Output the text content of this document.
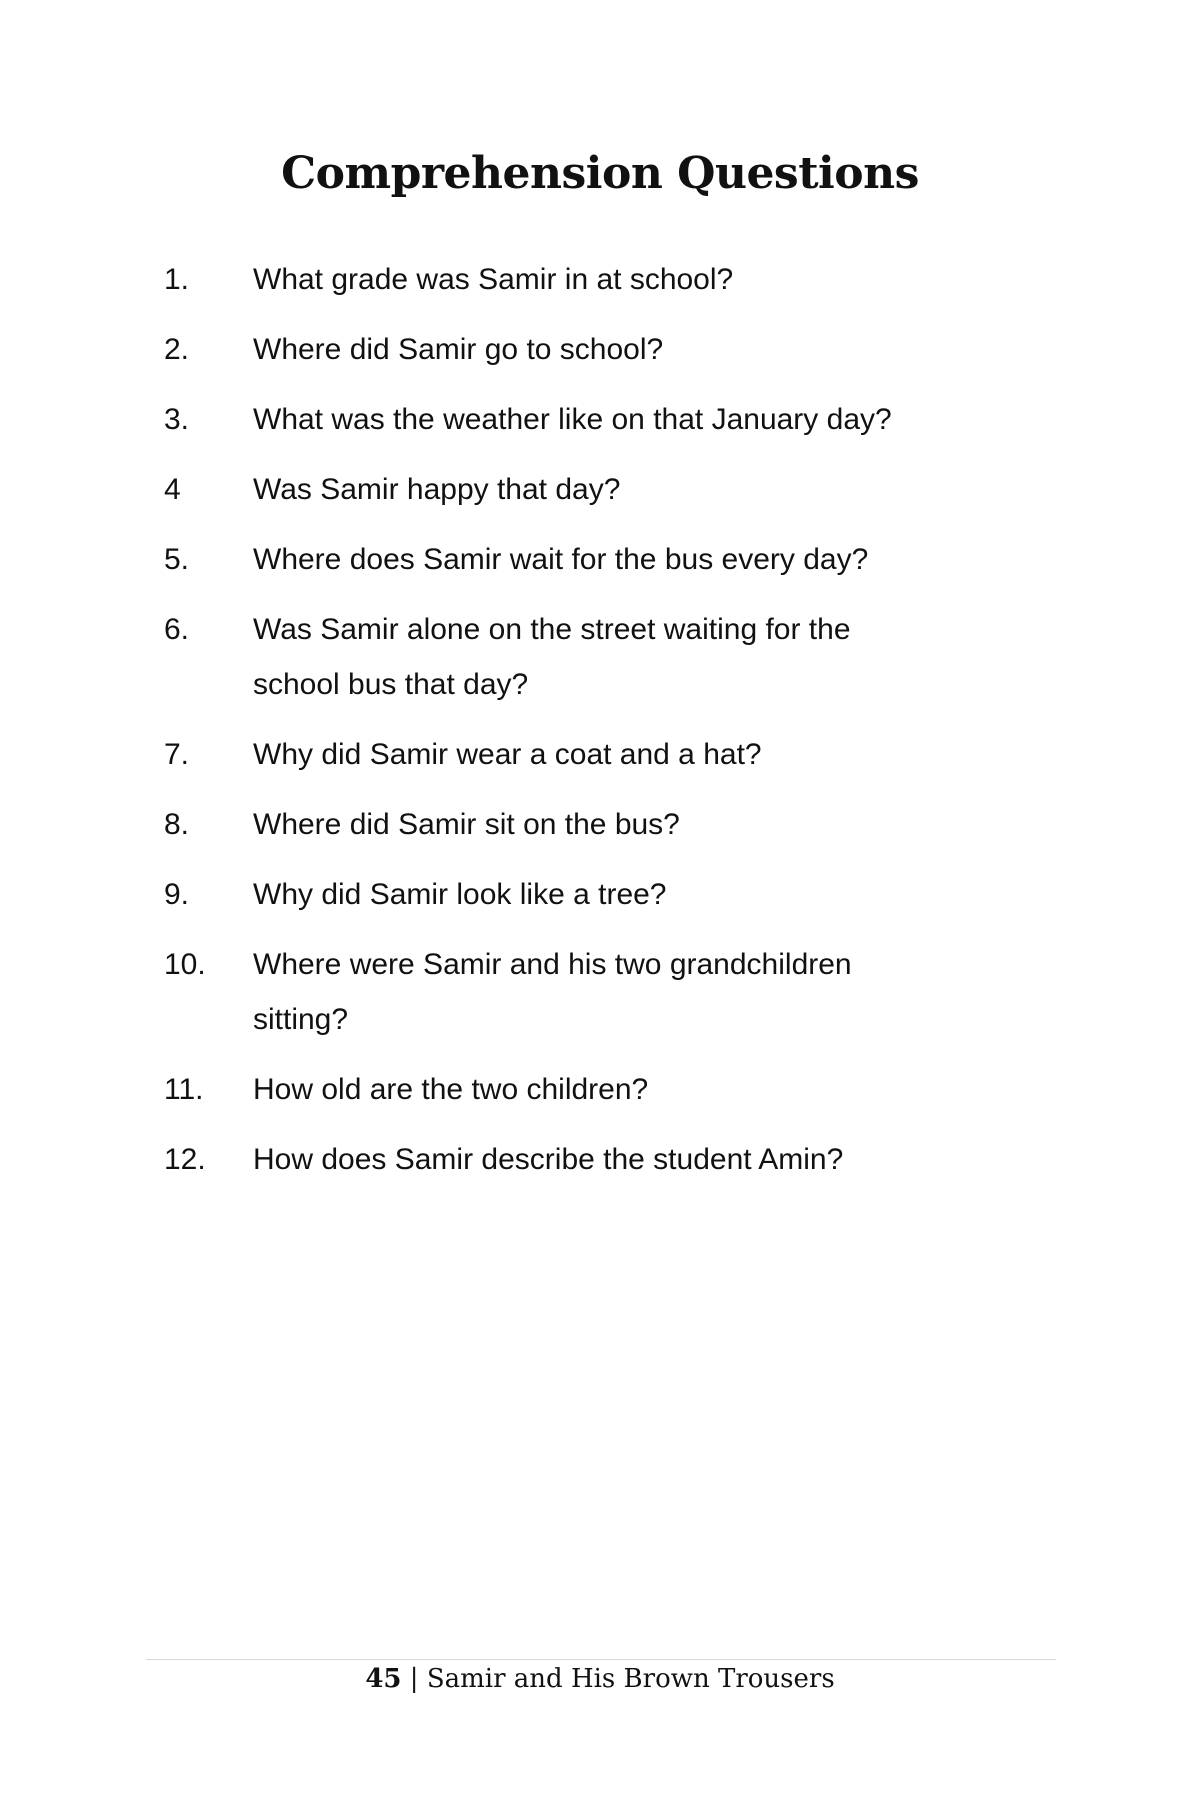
Comprehension Questions
1.	What grade was Samir in at school?
2.	Where did Samir go to school?
3.	What was the weather like on that January day?
4	Was Samir happy that day?
5.	Where does Samir wait for the bus every day?
6.	Was Samir alone on the street waiting for the school bus that day?
7.	Why did Samir wear a coat and a hat?
8.	Where did Samir sit on the bus?
9.	Why did Samir look like a tree?
10.	Where were Samir and his two grandchildren sitting?
11.	How old are the two children?
12.	How does Samir describe the student Amin?
45 | Samir and His Brown Trousers
